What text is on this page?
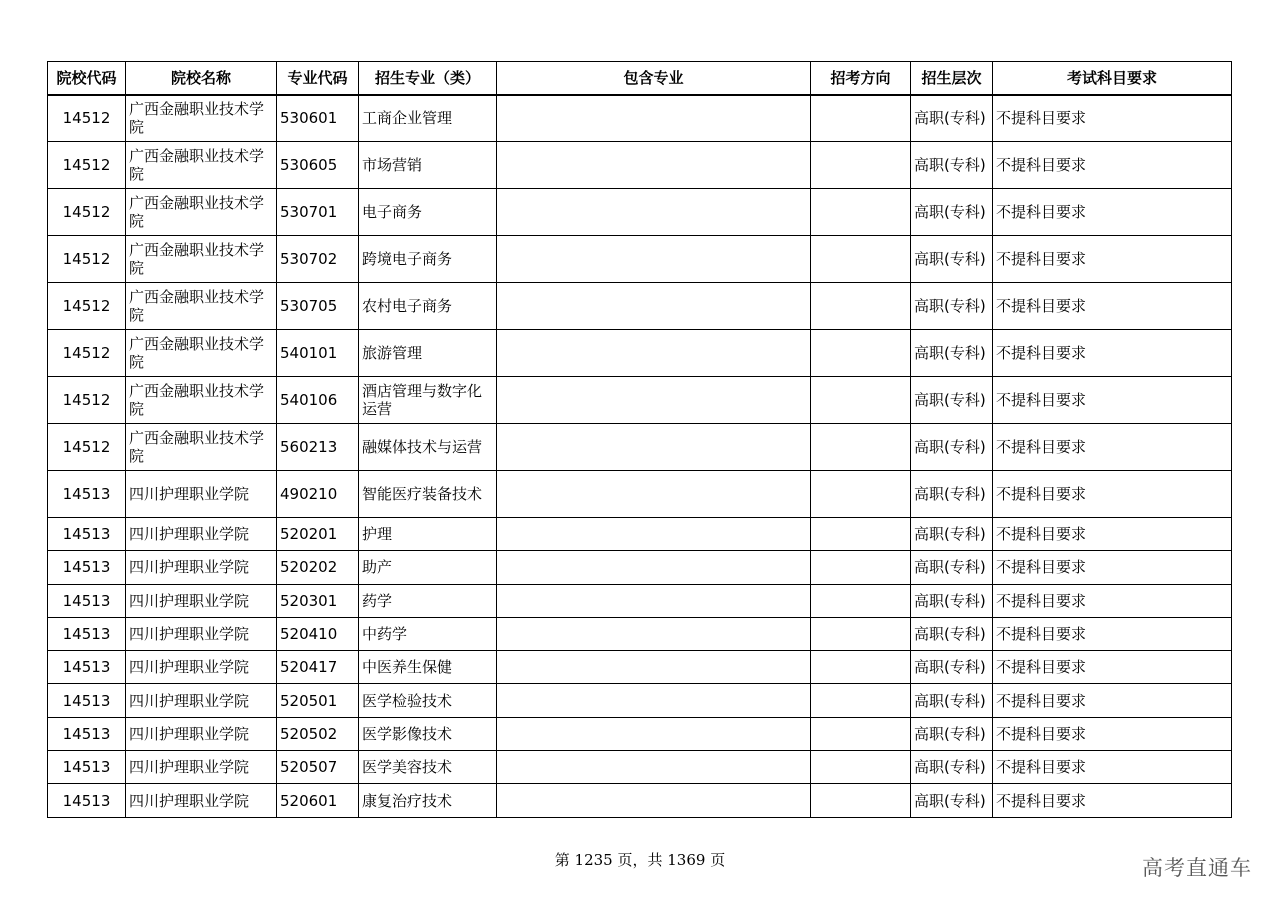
院校代码	院校名称	专业代码	招生专业（类）	包含专业	招考方向	招生层次	考试科目要求
14512	广西金融职业技术学院	530601	工商企业管理			高职(专科)	不提科目要求
14512	广西金融职业技术学院	530605	市场营销			高职(专科)	不提科目要求
14512	广西金融职业技术学院	530701	电子商务			高职(专科)	不提科目要求
14512	广西金融职业技术学院	530702	跨境电子商务			高职(专科)	不提科目要求
14512	广西金融职业技术学院	530705	农村电子商务			高职(专科)	不提科目要求
14512	广西金融职业技术学院	540101	旅游管理			高职(专科)	不提科目要求
14512	广西金融职业技术学院	540106	酒店管理与数字化运营			高职(专科)	不提科目要求
14512	广西金融职业技术学院	560213	融媒体技术与运营			高职(专科)	不提科目要求
14513	四川护理职业学院	490210	智能医疗装备技术			高职(专科)	不提科目要求
14513	四川护理职业学院	520201	护理			高职(专科)	不提科目要求
14513	四川护理职业学院	520202	助产			高职(专科)	不提科目要求
14513	四川护理职业学院	520301	药学			高职(专科)	不提科目要求
14513	四川护理职业学院	520410	中药学			高职(专科)	不提科目要求
14513	四川护理职业学院	520417	中医养生保健			高职(专科)	不提科目要求
14513	四川护理职业学院	520501	医学检验技术			高职(专科)	不提科目要求
14513	四川护理职业学院	520502	医学影像技术			高职(专科)	不提科目要求
14513	四川护理职业学院	520507	医学美容技术			高职(专科)	不提科目要求
14513	四川护理职业学院	520601	康复治疗技术			高职(专科)	不提科目要求
第 1235 页，共 1369 页	高考直通车
